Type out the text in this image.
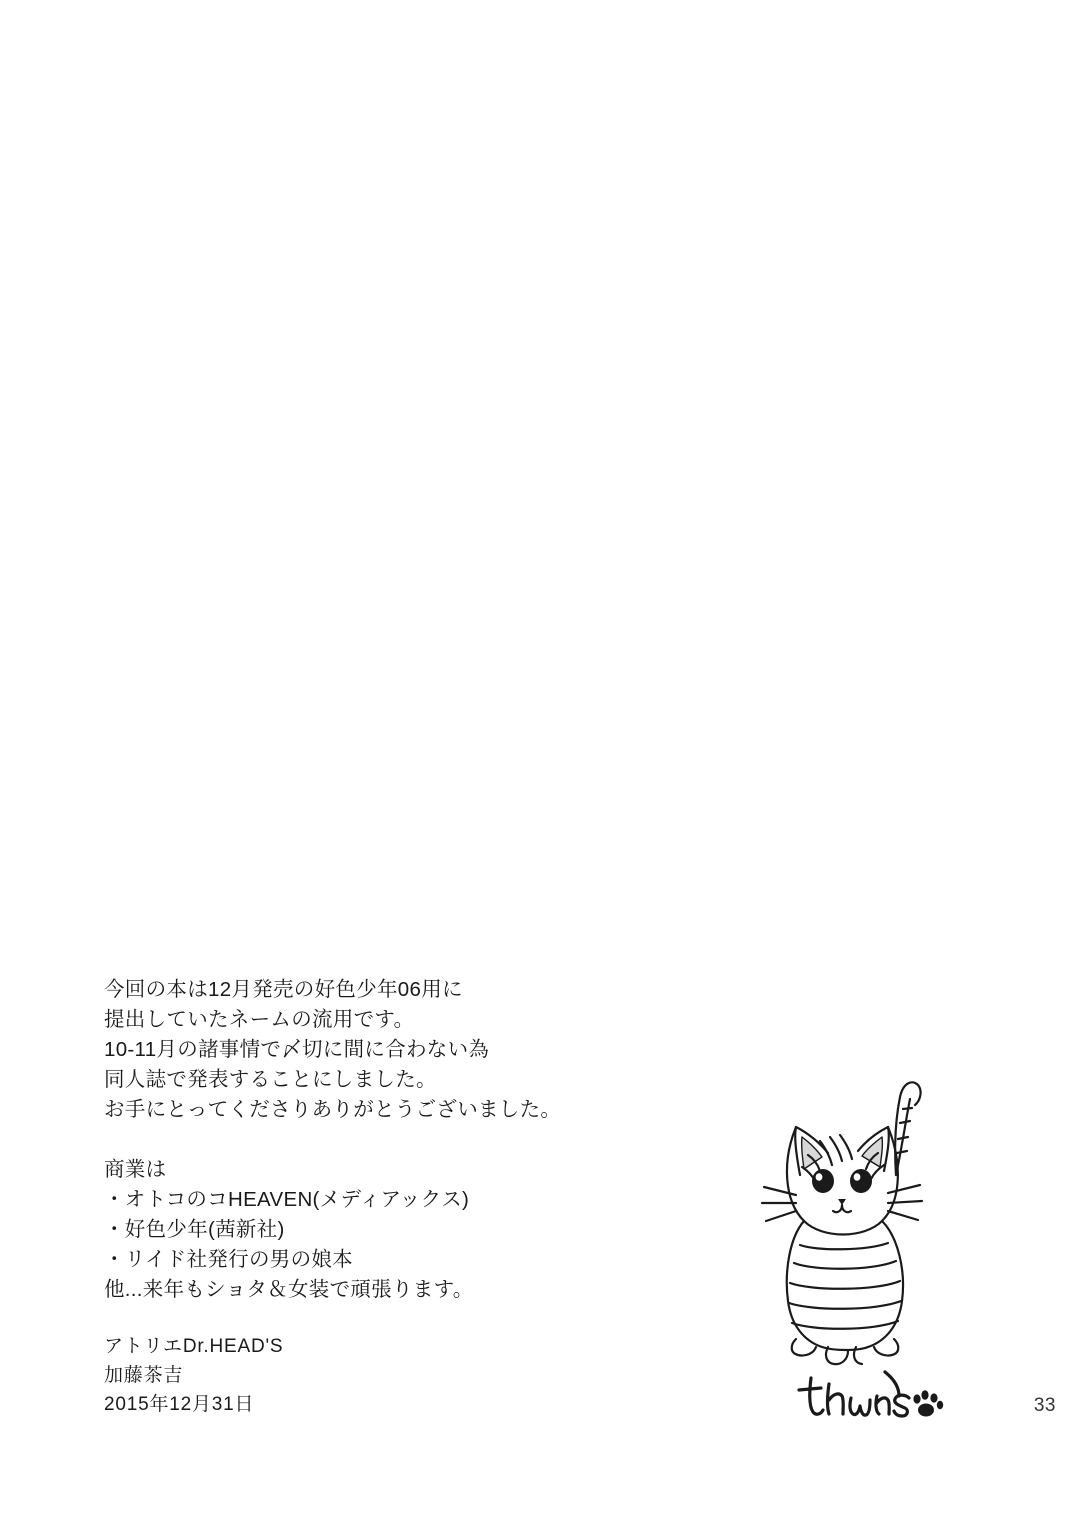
今回の本は12月発売の好色少年06用に
提出していたネームの流用です。
10-11月の諸事情で〆切に間に合わない為
同人誌で発表することにしました。
お手にとってくださりありがとうございました。
商業は
・オトコのコHEAVEN(メディアックス)
・好色少年(茜新社)
・リイド社発行の男の娘本
他...来年もショタ＆女装で頑張ります。
アトリエDr.HEAD'S
加藤茶吉
2015年12月31日	33
